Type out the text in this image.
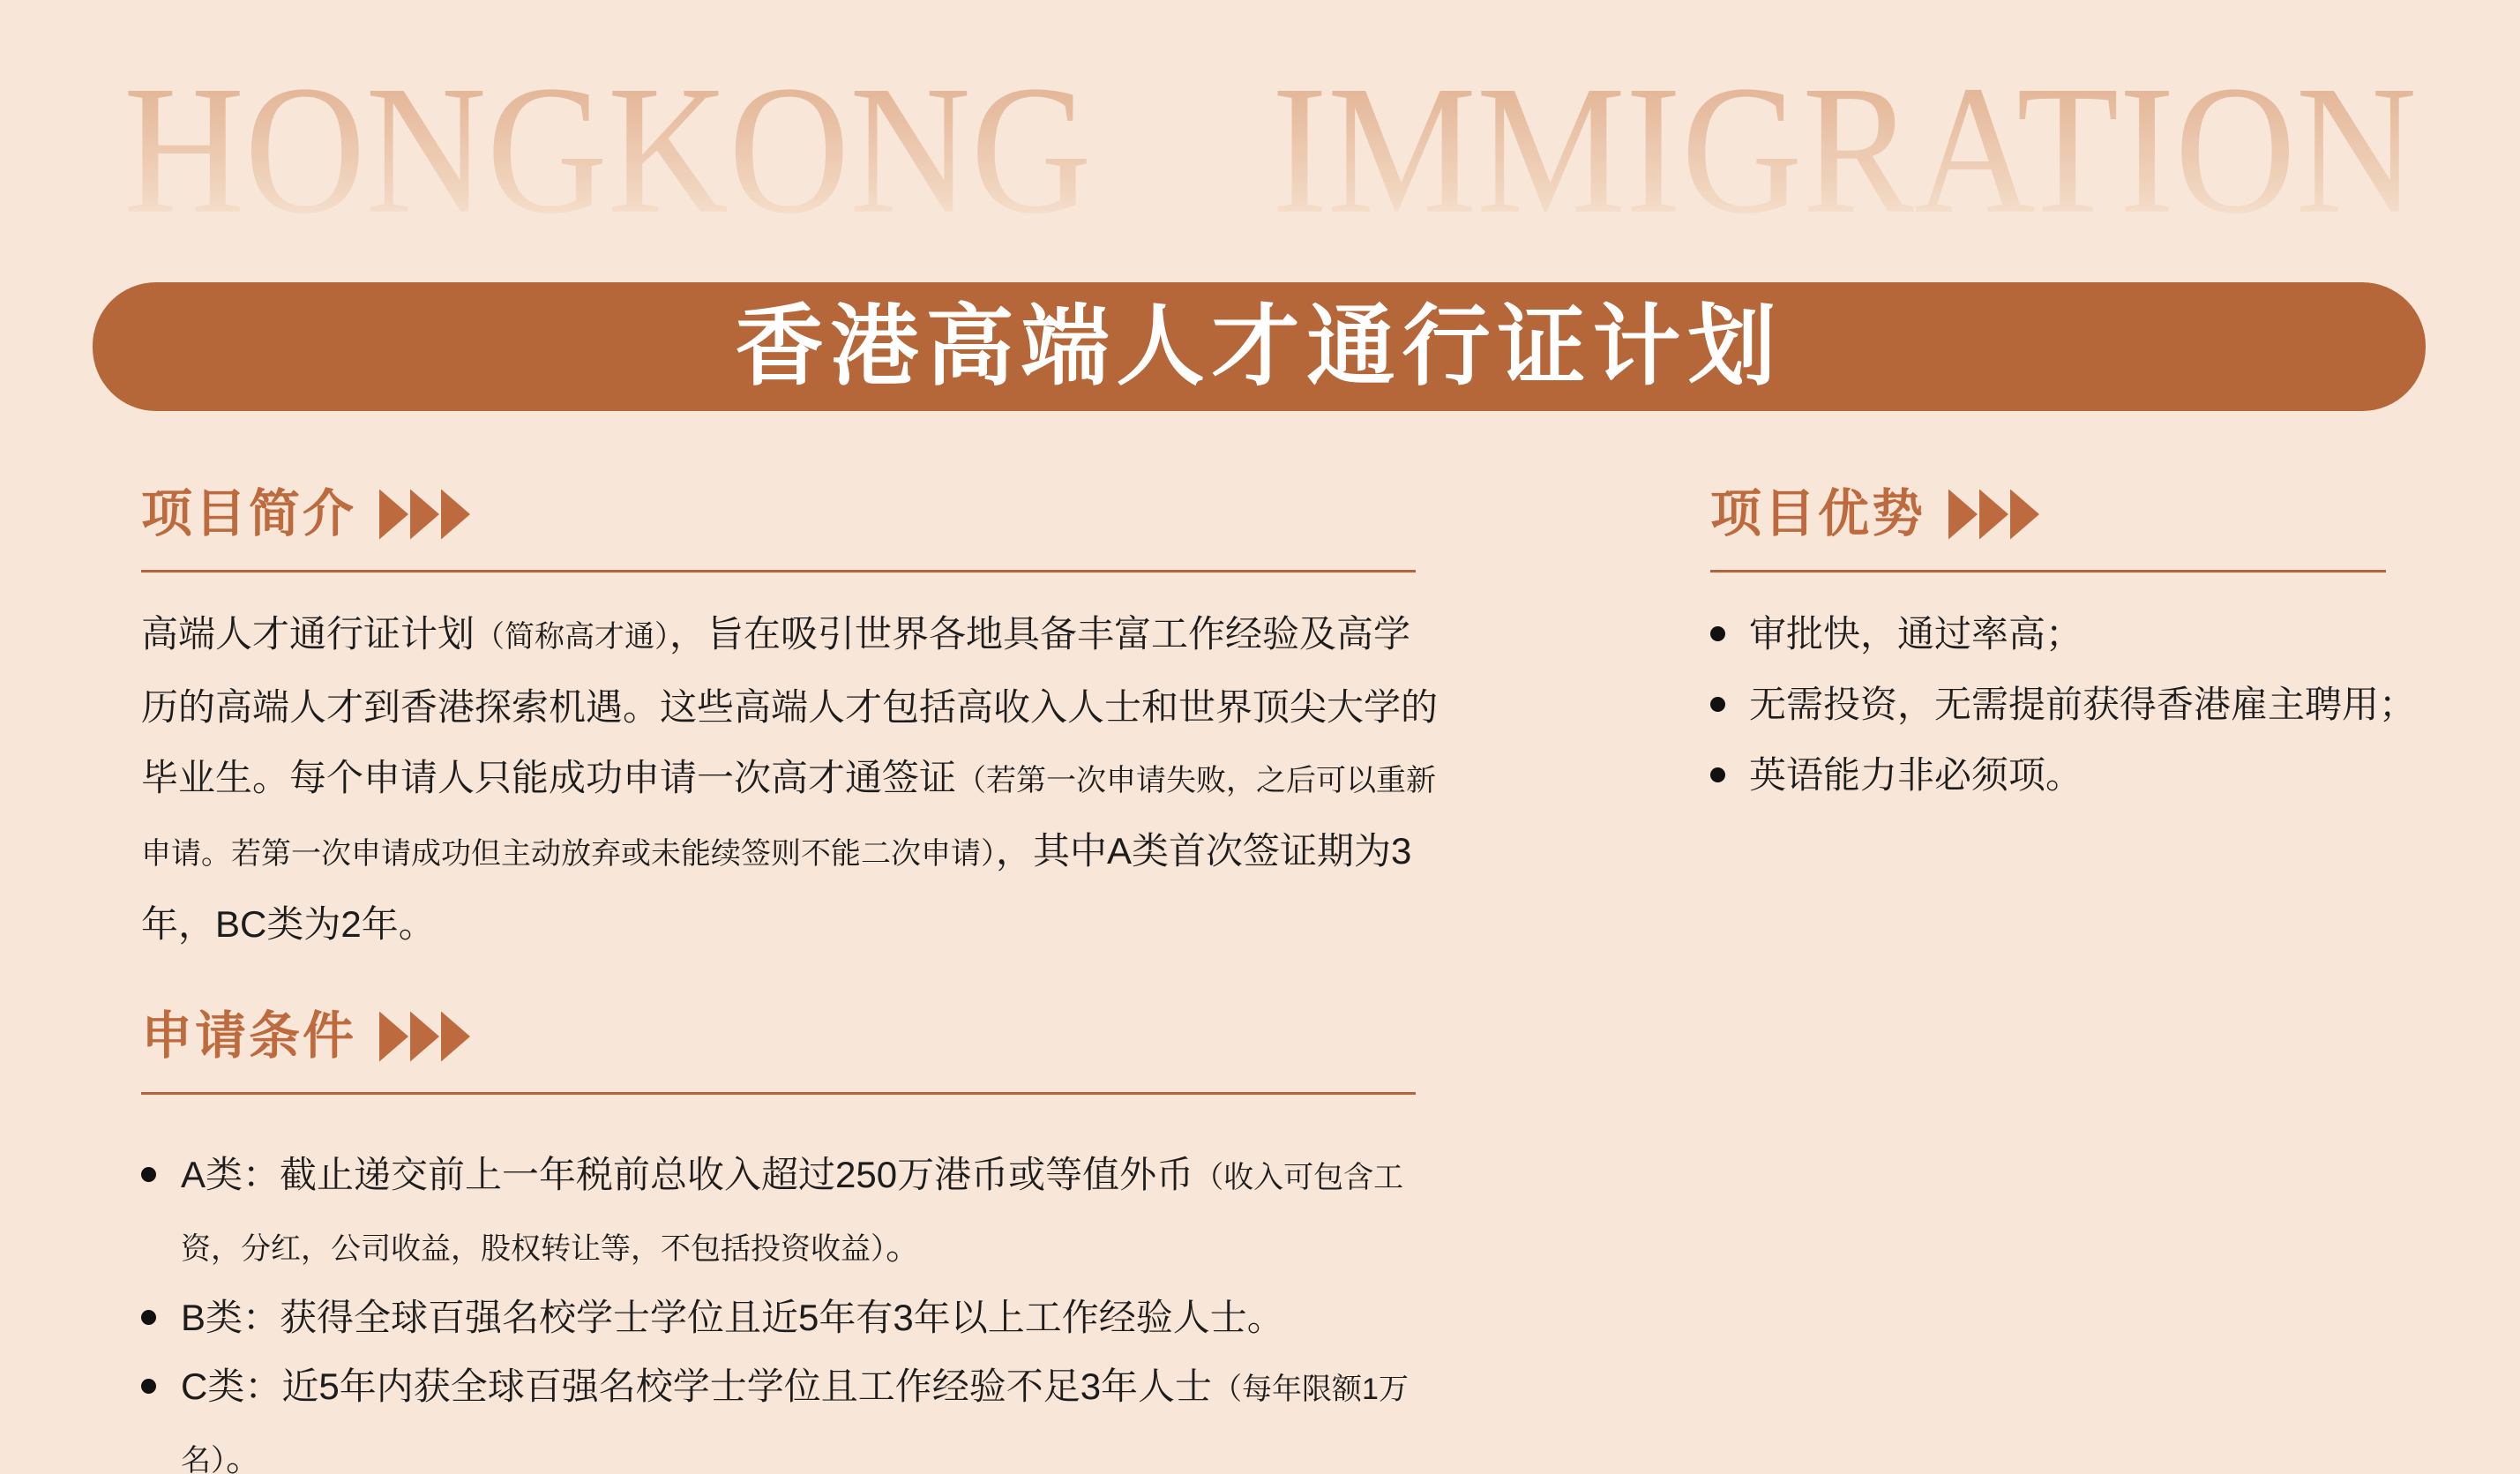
HONGKONG IMMIGRATION
香港高端人才通行证计划
项目简介

高端人才通行证计划（简称高才通），旨在吸引世界各地具备丰富工作经验及高学历的高端人才到香港探索机遇。这些高端人才包括高收入人士和世界顶尖大学的毕业生。每个申请人只能成功申请一次高才通签证（若第一次申请失败，之后可以重新申请。若第一次申请成功但主动放弃或未能续签则不能二次申请），其中A类首次签证期为3年，BC类为2年。

申请条件
A类：截止递交前上一年税前总收入超过250万港币或等值外币（收入可包含工资，分红，公司收益，股权转让等，不包括投资收益）。
B类：获得全球百强名校学士学位且近5年有3年以上工作经验人士。
C类：近5年内获全球百强名校学士学位且工作经验不足3年人士（每年限额1万名）。
项目优势
审批快，通过率高；
无需投资，无需提前获得香港雇主聘用；
英语能力非必须项。
